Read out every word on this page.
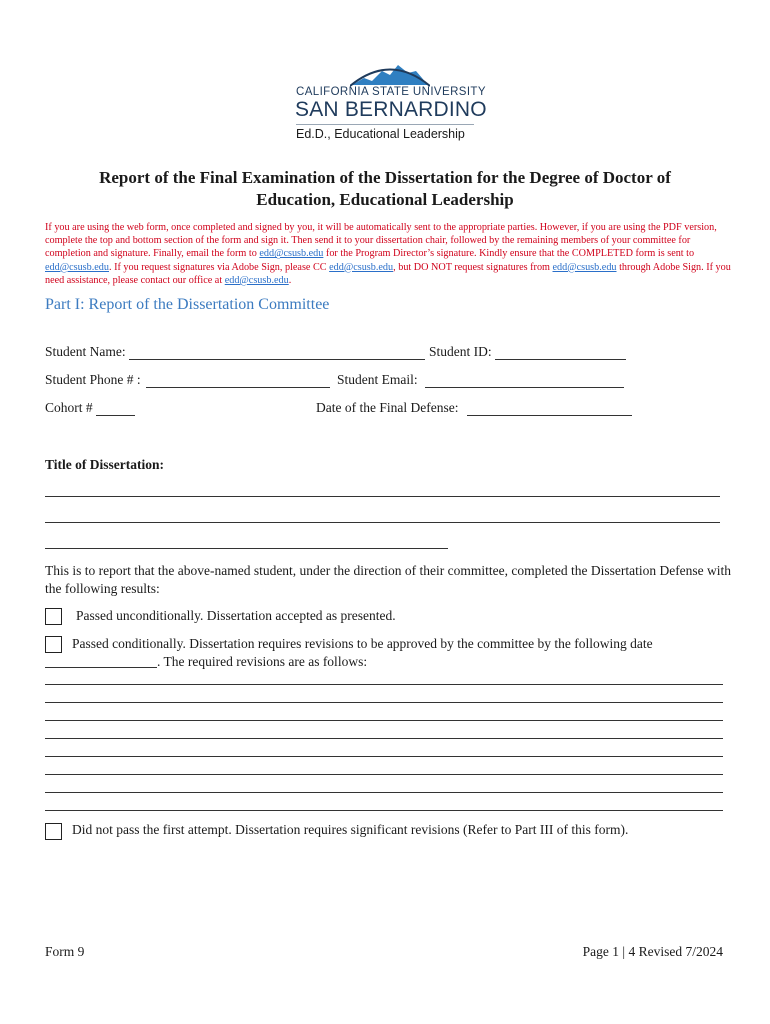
CALIFORNIA STATE UNIVERSITY
SAN BERNARDINO
Ed.D., Educational Leadership
Report of the Final Examination of the Dissertation for the Degree of Doctor of
Education, Educational Leadership
If you are using the web form, once completed and signed by you, it will be automatically sent to the appropriate parties. However, if you are using the PDF version, complete the top and bottom section of the form and sign it. Then send it to your dissertation chair, followed by the remaining members of your committee for completion and signature. Finally, email the form to edd@csusb.edu for the Program Director’s signature. Kindly ensure that the COMPLETED form is sent to edd@csusb.edu. If you request signatures via Adobe Sign, please CC edd@csusb.edu, but DO NOT request signatures from edd@csusb.edu through Adobe Sign. If you need assistance, please contact our office at edd@csusb.edu.
Part I: Report of the Dissertation Committee
Student Name:	Student ID:
Student Phone # :	Student Email:
Cohort #	Date of the Final Defense:
Title of Dissertation:
This is to report that the above-named student, under the direction of their committee, completed the Dissertation Defense with the following results:
Passed unconditionally. Dissertation accepted as presented.
Passed conditionally. Dissertation requires revisions to be approved by the committee by the following date
. The required revisions are as follows:
Did not pass the first attempt. Dissertation requires significant revisions (Refer to Part III of this form).
Form 9	Page 1 | 4 Revised 7/2024
